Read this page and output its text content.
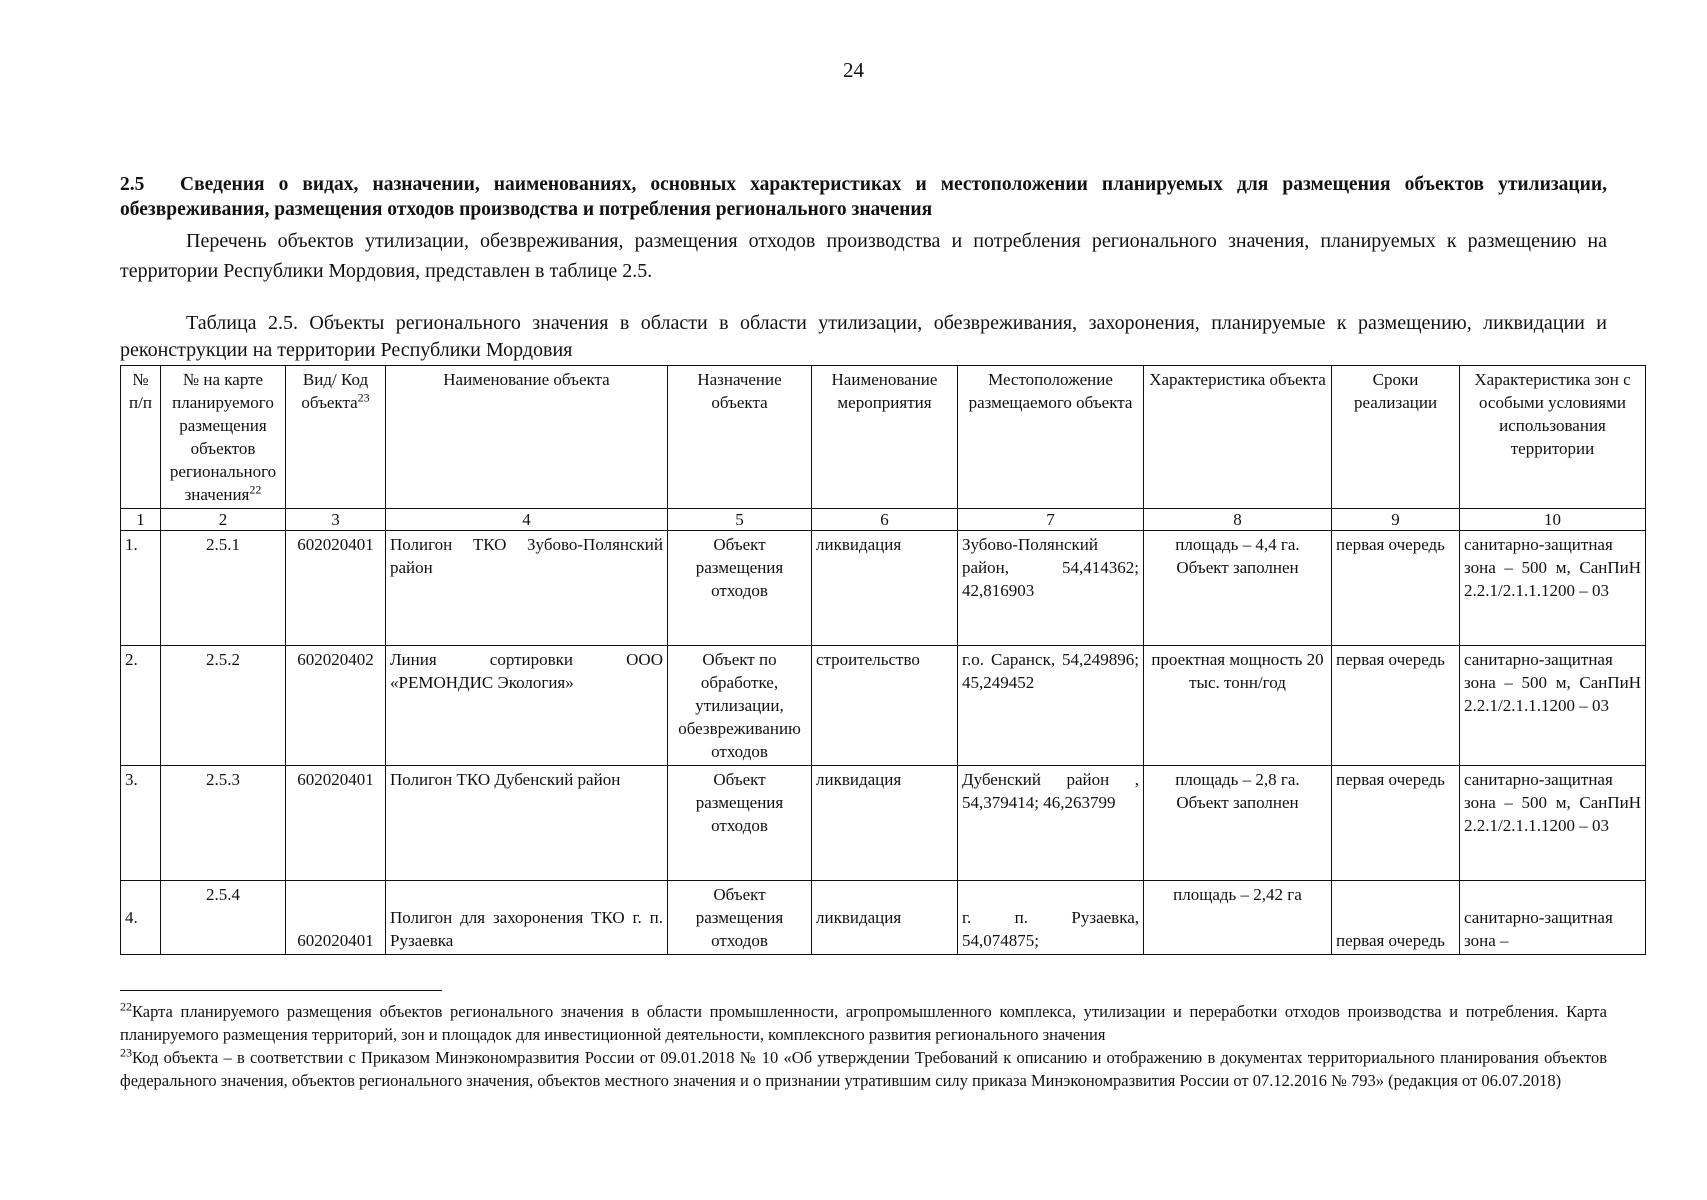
24
2.5 Сведения о видах, назначении, наименованиях, основных характеристиках и местоположении планируемых для размещения объектов утилизации, обезвреживания, размещения отходов производства и потребления регионального значения
Перечень объектов утилизации, обезвреживания, размещения отходов производства и потребления регионального значения, планируемых к размещению на территории Республики Мордовия, представлен в таблице 2.5.
Таблица 2.5. Объекты регионального значения в области в области утилизации, обезвреживания, захоронения, планируемые к размещению, ликвидации и реконструкции на территории Республики Мордовия
№ п/п	№ на карте планируемого размещения объектов регионального значения$^{22}$	Вид/ Код объекта$^{23}$	Наименование объекта	Назначение объекта	Наименование мероприятия	Местоположение размещаемого объекта	Характеристика объекта	Сроки реализации	Характеристика зон с особыми условиями использования территории
1	2	3	4	5	6	7	8	9	10
1.	2.5.1	602020401	Полигон ТКО Зубово-Полянский район	Объект размещения отходов	ликвидация	Зубово-Полянский район, 54,414362; 42,816903	площадь – 4,4 га. Объект заполнен	первая очередь	санитарно-защитная зона – 500 м, СанПиН 2.2.1/2.1.1.1200 – 03
2.	2.5.2	602020402	Линия сортировки ООО «РЕМОНДИС Экология»	Объект по обработке, утилизации, обезвреживанию отходов	строительство	г.о. Саранск, 54,249896; 45,249452	проектная мощность 20 тыс. тонн/год	первая очередь	санитарно-защитная зона – 500 м, СанПиН 2.2.1/2.1.1.1200 – 03
3.	2.5.3	602020401	Полигон ТКО Дубенский район	Объект размещения отходов	ликвидация	Дубенский район , 54,379414; 46,263799	площадь – 2,8 га. Объект заполнен	первая очередь	санитарно-защитная зона – 500 м, СанПиН 2.2.1/2.1.1.1200 – 03
4.	2.5.4	602020401	Полигон для захоронения ТКО г. п. Рузаевка	Объект размещения отходов	ликвидация	г. п. Рузаевка, 54,074875;	площадь – 2,42 га	первая очередь	санитарно-защитная зона –

$^{22}$Карта планируемого размещения объектов регионального значения в области промышленности, агропромышленного комплекса, утилизации и переработки отходов производства и потребления. Карта планируемого размещения территорий, зон и площадок для инвестиционной деятельности, комплексного развития регионального значения

$^{23}$Код объекта – в соответствии с Приказом Минэкономразвития России от 09.01.2018 № 10 «Об утверждении Требований к описанию и отображению в документах территориального планирования объектов федерального значения, объектов регионального значения, объектов местного значения и о признании утратившим силу приказа Минэкономразвития России от 07.12.2016 № 793» (редакция от 06.07.2018)
